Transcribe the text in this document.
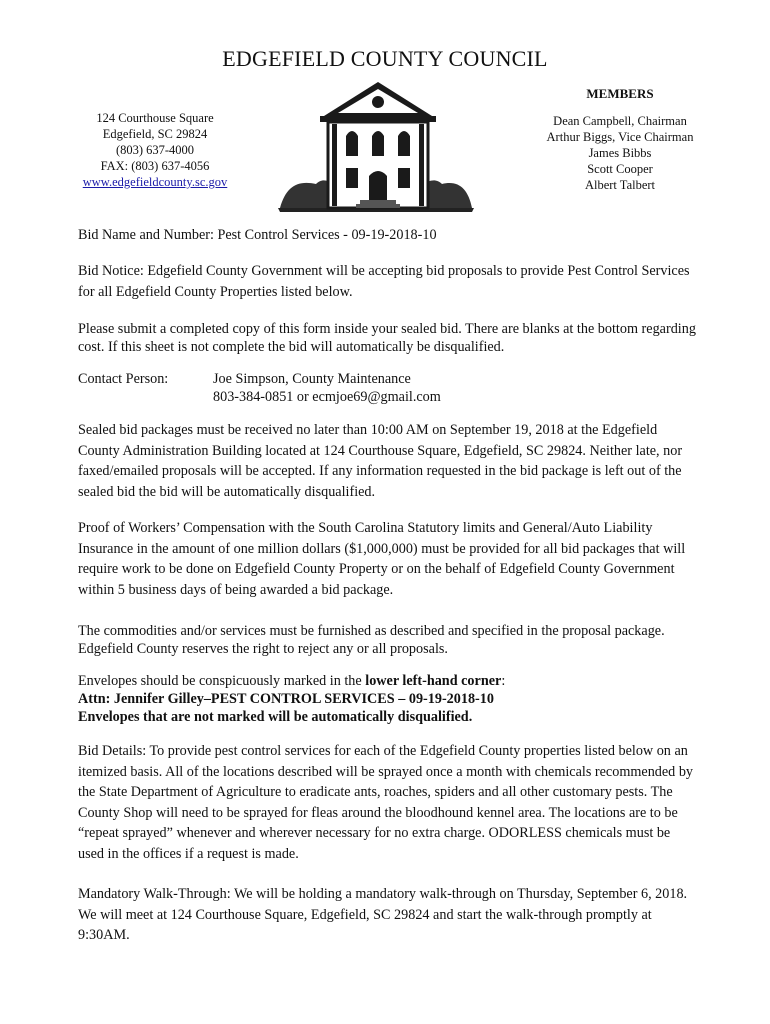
EDGEFIELD COUNTY COUNCIL
MEMBERS
124 Courthouse Square
Edgefield, SC 29824
(803) 637-4000
FAX: (803) 637-4056
www.edgefieldcounty.sc.gov
Dean Campbell, Chairman
Arthur Biggs, Vice Chairman
James Bibbs
Scott Cooper
Albert Talbert
Bid Name and Number: Pest Control Services - 09-19-2018-10
Bid Notice: Edgefield County Government will be accepting bid proposals to provide Pest Control Services for all Edgefield County Properties listed below.
Please submit a completed copy of this form inside your sealed bid. There are blanks at the bottom regarding cost. If this sheet is not complete the bid will automatically be disqualified.
Contact Person:	Joe Simpson, County Maintenance
803-384-0851 or ecmjoe69@gmail.com
Sealed bid packages must be received no later than 10:00 AM on September 19, 2018 at the Edgefield County Administration Building located at 124 Courthouse Square, Edgefield, SC 29824. Neither late, nor faxed/emailed proposals will be accepted. If any information requested in the bid package is left out of the sealed bid the bid will be automatically disqualified.
Proof of Workers’ Compensation with the South Carolina Statutory limits and General/Auto Liability Insurance in the amount of one million dollars ($1,000,000) must be provided for all bid packages that will require work to be done on Edgefield County Property or on the behalf of Edgefield County Government within 5 business days of being awarded a bid package.
The commodities and/or services must be furnished as described and specified in the proposal package. Edgefield County reserves the right to reject any or all proposals.
Envelopes should be conspicuously marked in the lower left-hand corner:
Attn: Jennifer Gilley–PEST CONTROL SERVICES – 09-19-2018-10
Envelopes that are not marked will be automatically disqualified.
Bid Details: To provide pest control services for each of the Edgefield County properties listed below on an itemized basis. All of the locations described will be sprayed once a month with chemicals recommended by the State Department of Agriculture to eradicate ants, roaches, spiders and all other customary pests. The County Shop will need to be sprayed for fleas around the bloodhound kennel area. The locations are to be “repeat sprayed” whenever and wherever necessary for no extra charge. ODORLESS chemicals must be used in the offices if a request is made.
Mandatory Walk-Through: We will be holding a mandatory walk-through on Thursday, September 6, 2018. We will meet at 124 Courthouse Square, Edgefield, SC 29824 and start the walk-through promptly at 9:30AM.
